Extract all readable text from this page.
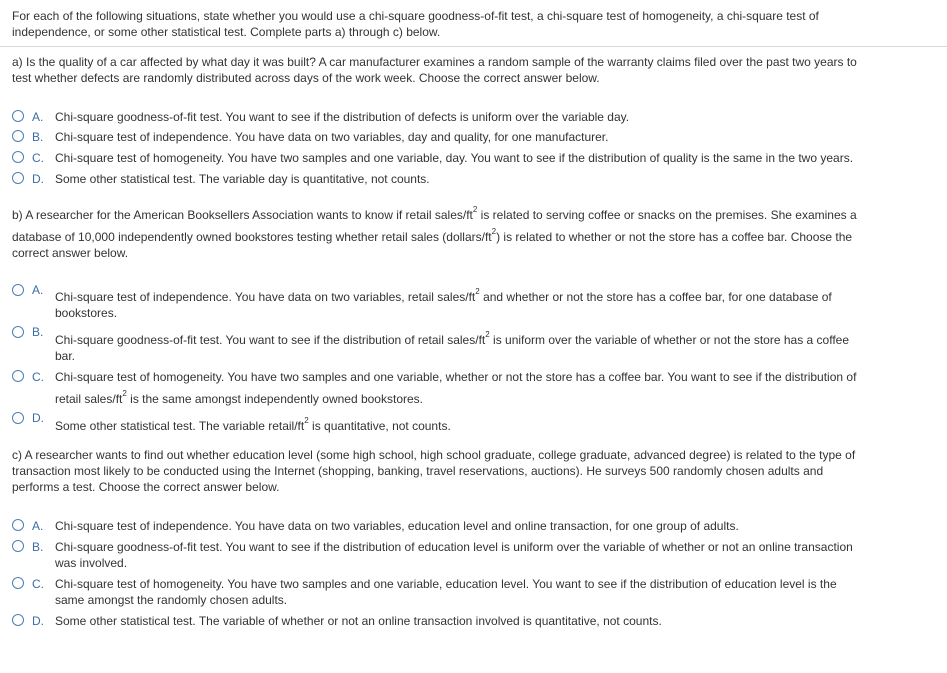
For each of the following situations, state whether you would use a chi-square goodness-of-fit test, a chi-square test of homogeneity, a chi-square test of
independence, or some other statistical test. Complete parts a) through c) below.
a) Is the quality of a car affected by what day it was built? A car manufacturer examines a random sample of the warranty claims filed over the past two years to
test whether defects are randomly distributed across days of the work week. Choose the correct answer below.
A. Chi-square goodness-of-fit test. You want to see if the distribution of defects is uniform over the variable day.
B. Chi-square test of independence. You have data on two variables, day and quality, for one manufacturer.
C. Chi-square test of homogeneity. You have two samples and one variable, day. You want to see if the distribution of quality is the same in the two years.
D. Some other statistical test. The variable day is quantitative, not counts.
b) A researcher for the American Booksellers Association wants to know if retail sales/$ft^2$ is related to serving coffee or snacks on the premises. She examines a
database of 10,000 independently owned bookstores testing whether retail sales $(dollars/ft^2)$ is related to whether or not the store has a coffee bar. Choose the
correct answer below.
A. Chi-square test of independence. You have data on two variables, retail sales/$ft^2$ and whether or not the store has a coffee bar, for one database of
bookstores.
B.
Chi-square goodness-of-fit test. You want to see if the distribution of retail sales/$ft^2$ is uniform over the variable of whether or not the store has a coffee
bar.
C. Chi-square test of homogeneity. You have two samples and one variable, whether or not the store has a coffee bar. You want to see if the distribution of
retail sales/$ft^2$ is the same amongst independently owned bookstores.
D.
Some other statistical test. The variable retail/$ft^2$ is quantitative, not counts.
c) A researcher wants to find out whether education level (some high school, high school graduate, college graduate, advanced degree) is related to the type of
transaction most likely to be conducted using the Internet (shopping, banking, travel reservations, auctions). He surveys 500 randomly chosen adults and
performs a test. Choose the correct answer below.
A. Chi-square test of independence. You have data on two variables, education level and online transaction, for one group of adults.
B. Chi-square goodness-of-fit test. You want to see if the distribution of education level is uniform over the variable of whether or not an online transaction
was involved.
C. Chi-square test of homogeneity. You have two samples and one variable, education level. You want to see if the distribution of education level is the
same amongst the randomly chosen adults.
D. Some other statistical test. The variable of whether or not an online transaction involved is quantitative, not counts.
